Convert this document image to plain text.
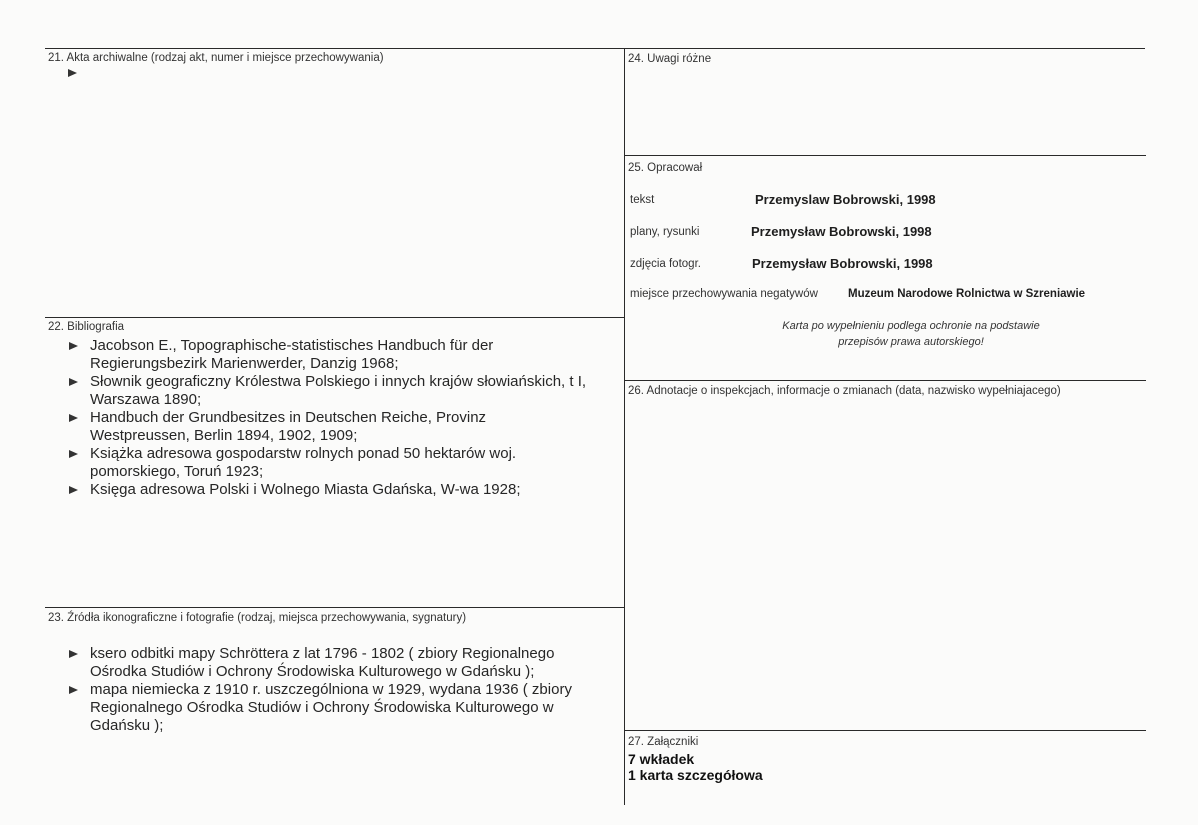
21. Akta archiwalne (rodzaj akt, numer i miejsce przechowywania)
22. Bibliografia
Jacobson E., Topographische-statistisches Handbuch für der
Regierungsbezirk Marienwerder, Danzig 1968;
Słownik geograficzny Królestwa Polskiego i innych krajów słowiańskich, t I,
Warszawa 1890;
Handbuch der Grundbesitzes in Deutschen Reiche, Provinz
Westpreussen, Berlin 1894, 1902, 1909;
Książka adresowa gospodarstw rolnych ponad 50 hektarów woj.
pomorskiego, Toruń 1923;
Księga adresowa Polski i Wolnego Miasta Gdańska, W-wa 1928;
23. Źródła ikonograficzne i fotografie (rodzaj, miejsca przechowywania, sygnatury)
ksero odbitki mapy Schröttera z lat 1796 - 1802 ( zbiory Regionalnego
Ośrodka Studiów i Ochrony Środowiska Kulturowego w Gdańsku );
mapa niemiecka z 1910 r. uszczególniona w 1929, wydana 1936 ( zbiory
Regionalnego Ośrodka Studiów i Ochrony Środowiska Kulturowego w
Gdańsku );
24. Uwagi różne
25. Opracował
tekst	Przemyslaw Bobrowski, 1998
plany, rysunki	Przemysław Bobrowski, 1998
zdjęcia fotogr.	Przemysław Bobrowski, 1998
miejsce przechowywania negatywów	Muzeum Narodowe Rolnictwa w Szreniawie
Karta po wypełnieniu podlega ochronie na podstawie
przepisów prawa autorskiego!
26. Adnotacje o inspekcjach, informacje o zmianach (data, nazwisko wypełniajacego)
27. Załączniki
7 wkładek
1 karta szczegółowa
